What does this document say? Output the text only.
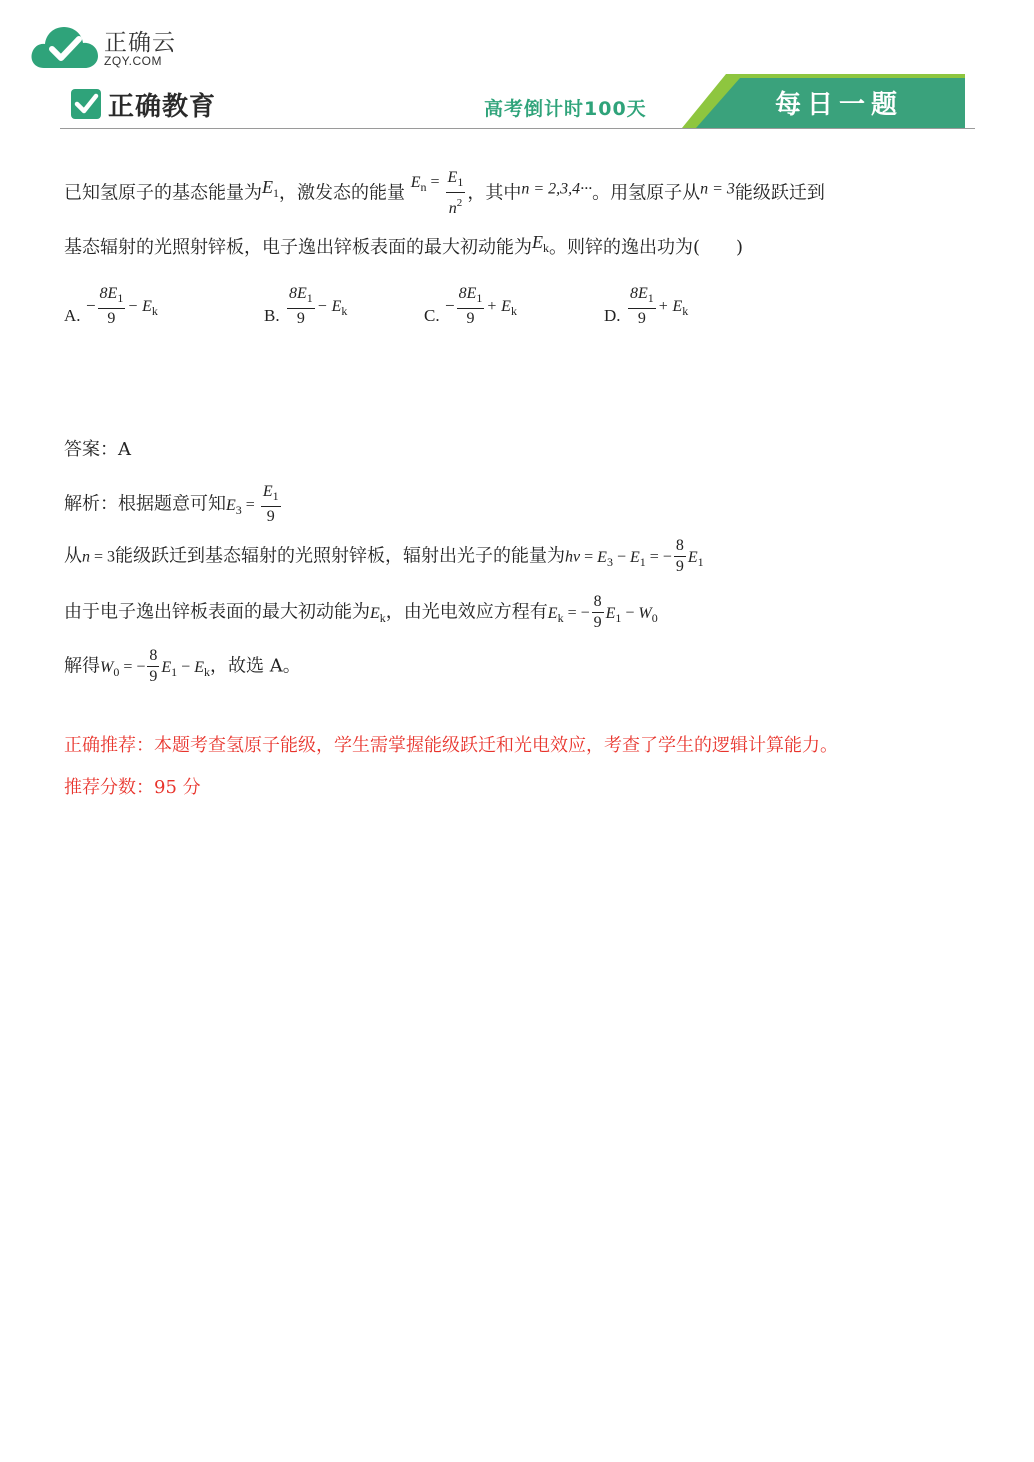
正确云
ZQY.COM
正确教育	高考倒计时100天	每日一题
已知氢原子的基态能量为$E_1$，激发态的能量 $E_n = \frac{E_1}{n^2}$ ，其中n = 2,3,4···。用氢原子从n = 3能级跃迁到
基态辐射的光照射锌板，电子逸出锌板表面的最大初动能为$E_k$。则锌的逸出功为(　　)
A. − $\frac{8E_1}{9} - E_k$	B. $\frac{8E_1}{9} - E_k$	C. − $\frac{8E_1}{9} + E_k$	D. $\frac{8E_1}{9} + E_k$
答案：A
解析：根据题意可知$E_3 = \frac{E_1}{9}$
从n = 3能级跃迁到基态辐射的光照射锌板，辐射出光子的能量为$h\nu = E_3 - E_1$ = − $\frac{8}{9} E_1$
由于电子逸出锌板表面的最大初动能为$E_k$，由光电效应方程有$E_k$ = − $\frac{8}{9} E_1 - W_0$
解得$W_0$ = − $\frac{8}{9} E_1 - E_k$，故选 A。
正确推荐：本题考查氢原子能级，学生需掌握能级跃迁和光电效应，考查了学生的逻辑计算能力。
推荐分数：95 分
